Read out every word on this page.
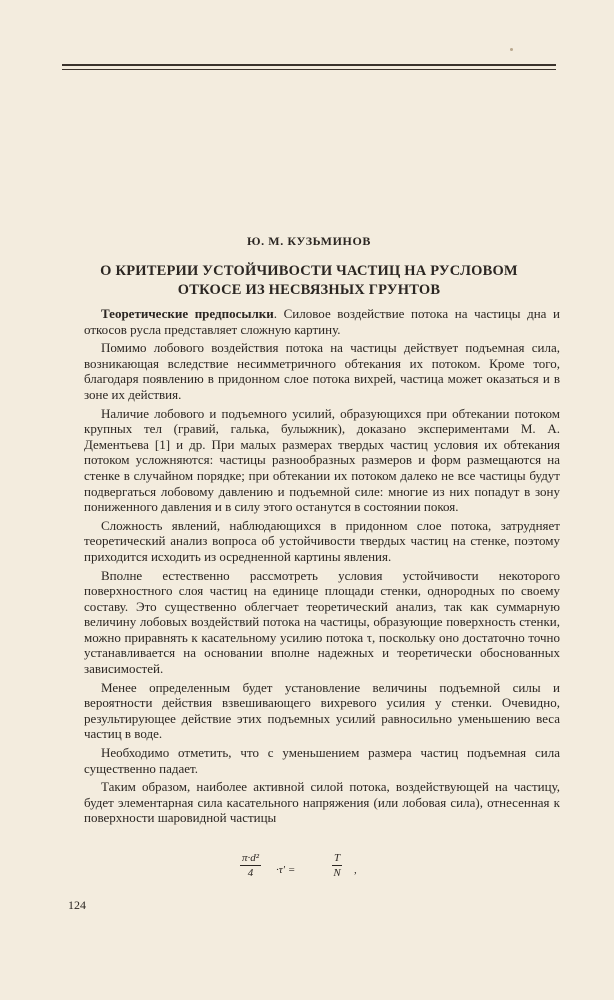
Ю. М. КУЗЬМИНОВ
О КРИТЕРИИ УСТОЙЧИВОСТИ ЧАСТИЦ НА РУСЛОВОМ
ОТКОСЕ ИЗ НЕСВЯЗНЫХ ГРУНТОВ

Теоретические предпосылки. Силовое воздействие потока на частицы дна и откосов русла представляет сложную картину.

Помимо лобового воздействия потока на частицы действует подъемная сила, возникающая вследствие несимметричного обтекания их потоком. Кроме того, благодаря появлению в придонном слое потока вихрей, частица может оказаться и в зоне их действия.

Наличие лобового и подъемного усилий, образующихся при обтекании потоком крупных тел (гравий, галька, булыжник), доказано экспериментами М. А. Дементьева [1] и др. При малых размерах твердых частиц условия их обтекания потоком усложняются: частицы разнообразных размеров и форм размещаются на стенке в случайном порядке; при обтекании их потоком далеко не все частицы будут подвергаться лобовому давлению и подъемной силе: многие из них попадут в зону пониженного давления и в силу этого останутся в состоянии покоя.

Сложность явлений, наблюдающихся в придонном слое потока, затрудняет теоретический анализ вопроса об устойчивости твердых частиц на стенке, поэтому приходится исходить из осредненной картины явления.

Вполне естественно рассмотреть условия устойчивости некоторого поверхностного слоя частиц на единице площади стенки, однородных по своему составу. Это существенно облегчает теоретический анализ, так как суммарную величину лобовых воздействий потока на частицы, образующие поверхность стенки, можно приравнять к касательному усилию потока τ, поскольку оно достаточно точно устанавливается на основании вполне надежных и теоретически обоснованных зависимостей.

Менее определенным будет установление величины подъемной силы и вероятности действия взвешивающего вихревого усилия у стенки. Очевидно, результирующее действие этих подъемных усилий равносильно уменьшению веса частиц в воде.

Необходимо отметить, что с уменьшением размера частиц подъемная сила существенно падает.

Таким образом, наиболее активной силой потока, воздействующей на частицу, будет элементарная сила касательного напряжения (или лобовая сила), отнесенная к поверхности шаровидной частицы

$\frac{\text{π·d²}}{4} \cdot\tau'$ =	$\frac{T}{N}$ ,
124
